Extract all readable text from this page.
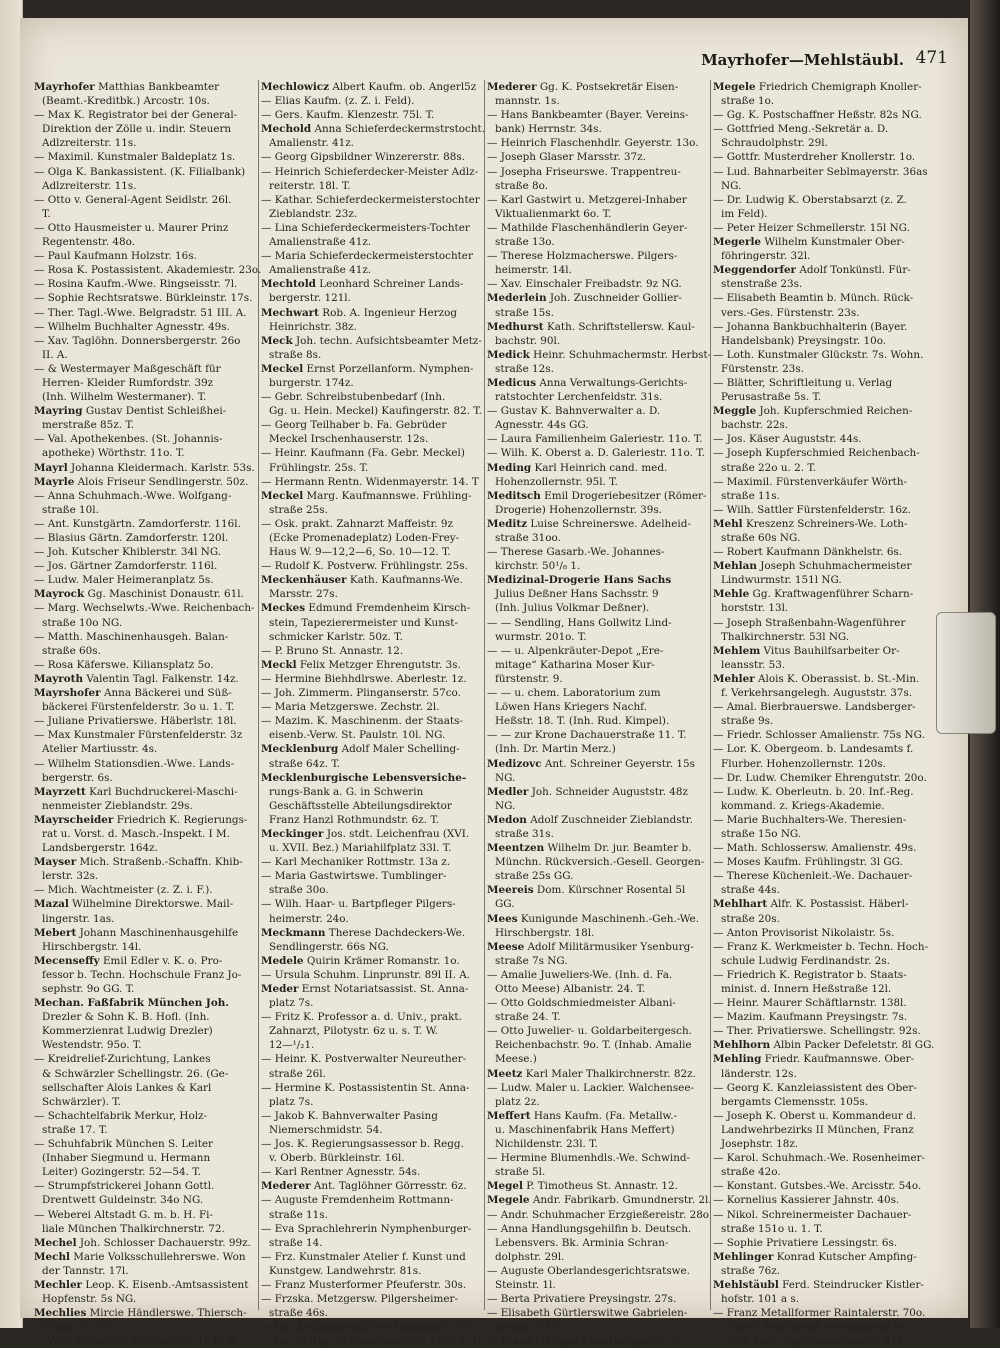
Mayrhofer—Mehlstäubl. 471
Mayrhofer Matthias Bankbeamter
(Beamt.-Kreditbk.) Arcostr. 10s.
— Max K. Registrator bei der General-
Direktion der Zölle u. indir. Steuern
Adlzreiterstr. 11s.
— Maximil. Kunstmaler Baldeplatz 1s.
— Olga K. Bankassistent. (K. Filialbank)
Adlzreiterstr. 11s.
— Otto v. General-Agent Seidlstr. 26l.
T.
— Otto Hausmeister u. Maurer Prinz
Regentenstr. 48o.
— Paul Kaufmann Holzstr. 16s.
— Rosa K. Postassistent. Akademiestr. 23o.
— Rosina Kaufm.-Wwe. Ringseisstr. 7l.
— Sophie Rechtsratswe. Bürkleinstr. 17s.
— Ther. Tagl.-Wwe. Belgradstr. 51 III. A.
— Wilhelm Buchhalter Agnesstr. 49s.
— Xav. Taglöhn. Donnersbergerstr. 26o
II. A.
— & Westermayer Maßgeschäft für
Herren- Kleider Rumfordstr. 39z
(Inh. Wilhelm Westermaner). T.
Mayring Gustav Dentist Schleißhei-
merstraße 85z. T.
— Val. Apothekenbes. (St. Johannis-
apotheke) Wörthstr. 11o. T.
Mayrl Johanna Kleidermach. Karlstr. 53s.
Mayrle Alois Friseur Sendlingerstr. 50z.
— Anna Schuhmach.-Wwe. Wolfgang-
straße 10l.
— Ant. Kunstgärtn. Zamdorferstr. 116l.
— Blasius Gärtn. Zamdorferstr. 120l.
— Joh. Kutscher Khiblerstr. 34l NG.
— Jos. Gärtner Zamdorferstr. 116l.
— Ludw. Maler Heimeranplatz 5s.
Mayrock Gg. Maschinist Donaustr. 61l.
— Marg. Wechselwts.-Wwe. Reichenbach-
straße 10o NG.
— Matth. Maschinenhausgeh. Balan-
straße 60s.
— Rosa Käferswe. Kiliansplatz 5o.
Mayroth Valentin Tagl. Falkenstr. 14z.
Mayrshofer Anna Bäckerei und Süß-
bäckerei Fürstenfelderstr. 3o u. 1. T.
— Juliane Privatierswe. Häberlstr. 18l.
— Max Kunstmaler Fürstenfelderstr. 3z
Atelier Martiusstr. 4s.
— Wilhelm Stationsdien.-Wwe. Lands-
bergerstr. 6s.
Mayrzett Karl Buchdruckerei-Maschi-
nenmeister Zieblandstr. 29s.
Mayrscheider Friedrich K. Regierungs-
rat u. Vorst. d. Masch.-Inspekt. I M.
Landsbergerstr. 164z.
Mayser Mich. Straßenb.-Schaffn. Khib-
lerstr. 32s.
— Mich. Wachtmeister (z. Z. i. F.).
Mazal Wilhelmine Direktorswe. Mail-
lingerstr. 1as.
Mebert Johann Maschinenhausgehilfe
Hirschbergstr. 14l.
Mecenseffy Emil Edler v. K. o. Pro-
fessor b. Techn. Hochschule Franz Jo-
sephstr. 9o GG. T.
Mechan. Faßfabrik München Joh.
Drezler & Sohn K. B. Hofl. (Inh.
Kommerzienrat Ludwig Drezler)
Westendstr. 95o. T.
— Kreidrelief-Zurichtung, Lankes
& Schwärzler Schellingstr. 26. (Ge-
sellschafter Alois Lankes & Karl
Schwärzler). T.
— Schachtelfabrik Merkur, Holz-
straße 17. T.
— Schuhfabrik München S. Leiter
(Inhaber Siegmund u. Hermann
Leiter) Gozingerstr. 52—54. T.
— Strumpfstrickerei Johann Gottl.
Drentwett Guldeinstr. 34o NG.
— Weberei Altstadt G. m. b. H. Fi-
liale München Thalkirchnerstr. 72.
Mechel Joh. Schlosser Dachauerstr. 99z.
Mechl Marie Volksschullehrerswe. Won
der Tannstr. 17l.
Mechler Leop. K. Eisenb.-Amtsassistent
Hopfenstr. 5s NG.
Mechlies Mircie Händlerswe. Thiersch-
straße 1s NG.
— Wolf Schneider Thierschstr. 1z II. A.
Mechlowicz Albert Kaufm. ob. Angerl5z
— Elias Kaufm. (z. Z. i. Feld).
— Gers. Kaufm. Klenzestr. 75l. T.
Mechold Anna Schieferdeckermstrstocht.
Amalienstr. 41z.
— Georg Gipsbildner Winzererstr. 88s.
— Heinrich Schieferdecker-Meister Adlz-
reiterstr. 18l. T.
— Kathar. Schieferdeckermeisterstochter
Zieblandstr. 23z.
— Lina Schieferdeckermeisters-Tochter
Amalienstraße 41z.
— Maria Schieferdeckermeisterstochter
Amalienstraße 41z.
Mechtold Leonhard Schreiner Lands-
bergerstr. 121l.
Mechwart Rob. A. Ingenieur Herzog
Heinrichstr. 38z.
Meck Joh. techn. Aufsichtsbeamter Metz-
straße 8s.
Meckel Ernst Porzellanform. Nymphen-
burgerstr. 174z.
— Gebr. Schreibstubenbedarf (Inh.
Gg. u. Hein. Meckel) Kaufingerstr. 82. T.
— Georg Teilhaber b. Fa. Gebrüder
Meckel Irschenhauserstr. 12s.
— Heinr. Kaufmann (Fa. Gebr. Meckel)
Frühlingstr. 25s. T.
— Hermann Rentn. Widenmayerstr. 14. T
Meckel Marg. Kaufmannswe. Frühling-
straße 25s.
— Osk. prakt. Zahnarzt Maffeistr. 9z
(Ecke Promenadeplatz) Loden-Frey-
Haus W. 9—12,2—6, So. 10—12. T.
— Rudolf K. Postverw. Frühlingstr. 25s.
Meckenhäuser Kath. Kaufmanns-We.
Marsstr. 27s.
Meckes Edmund Fremdenheim Kirsch-
stein, Tapezierermeister und Kunst-
schmicker Karlstr. 50z. T.
— P. Bruno St. Annastr. 12.
Meckl Felix Metzger Ehrengutstr. 3s.
— Hermine Biehhdlrswe. Aberlestr. 1z.
— Joh. Zimmerm. Plinganserstr. 57co.
— Maria Metzgerswe. Zechstr. 2l.
— Mazim. K. Maschinenm. der Staats-
eisenb.-Verw. St. Paulstr. 10l. NG.
Mecklenburg Adolf Maler Schelling-
straße 64z. T.
Mecklenburgische Lebensversiche-
rungs-Bank a. G. in Schwerin
Geschäftsstelle Abteilungsdirektor
Franz Hanzl Rothmundstr. 6z. T.
Meckinger Jos. stdt. Leichenfrau (XVI.
u. XVII. Bez.) Mariahilfplatz 33l. T.
— Karl Mechaniker Rottmstr. 13a z.
— Maria Gastwirtswe. Tumblinger-
straße 30o.
— Wilh. Haar- u. Bartpfleger Pilgers-
heimerstr. 24o.
Meckmann Therese Dachdeckers-We.
Sendlingerstr. 66s NG.
Medele Quirin Krämer Romanstr. 1o.
— Ursula Schuhm. Linprunstr. 89l II. A.
Meder Ernst Notariatsassist. St. Anna-
platz 7s.
— Fritz K. Professor a. d. Univ., prakt.
Zahnarzt, Pilotystr. 6z u. s. T. W.
12—¹/₂1.
— Heinr. K. Postverwalter Neureuther-
straße 26l.
— Hermine K. Postassistentin St. Anna-
platz 7s.
— Jakob K. Bahnverwalter Pasing
Niemerschmidstr. 54.
— Jos. K. Regierungsassessor b. Regg.
v. Oberb. Bürkleinstr. 16l.
— Karl Rentner Agnesstr. 54s.
Mederer Ant. Taglöhner Görresstr. 6z.
— Auguste Fremdenheim Rottmann-
straße 11s.
— Eva Sprachlehrerin Nymphenburger-
straße 14.
— Frz. Kunstmaler Atelier f. Kunst und
Kunstgew. Landwehrstr. 81s.
— Franz Musterformer Pfeuferstr. 30s.
— Frzska. Metzgersw. Pilgersheimer-
straße 46s.
— Gg. Kraftwagenführer Lessingstr. 11o.
— Gg. Metzg. Schwanthalerstr. 139o u. 1.
Mederer Gg. K. Postsekretär Eisen-
mannstr. 1s.
— Hans Bankbeamter (Bayer. Vereins-
bank) Herrnstr. 34s.
— Heinrich Flaschenhdlr. Geyerstr. 13o.
— Joseph Glaser Marsstr. 37z.
— Josepha Friseurswe. Trappentreu-
straße 8o.
— Karl Gastwirt u. Metzgerei-Inhaber
Viktualienmarkt 6o. T.
— Mathilde Flaschenhändlerin Geyer-
straße 13o.
— Therese Holzmacherswe. Pilgers-
heimerstr. 14l.
— Xav. Einschaler Freibadstr. 9z NG.
Mederlein Joh. Zuschneider Gollier-
straße 15s.
Medhurst Kath. Schriftstellersw. Kaul-
bachstr. 90l.
Medick Heinr. Schuhmachermstr. Herbst-
straße 12s.
Medicus Anna Verwaltungs-Gerichts-
ratstochter Lerchenfeldstr. 31s.
— Gustav K. Bahnverwalter a. D.
Agnesstr. 44s GG.
— Laura Familienheim Galeriestr. 11o. T.
— Wilh. K. Oberst a. D. Galeriestr. 11o. T.
Meding Karl Heinrich cand. med.
Hohenzollernstr. 95l. T.
Meditsch Emil Drogeriebesitzer (Römer-
Drogerie) Hohenzollernstr. 39s.
Meditz Luise Schreinerswe. Adelheid-
straße 31oo.
— Therese Gasarb.-We. Johannes-
kirchstr. 50¹/₈ 1.
Medizinal-Drogerie Hans Sachs
Julius Deßner Hans Sachsstr. 9
(Inh. Julius Volkmar Deßner).
— — Sendling, Hans Gollwitz Lind-
wurmstr. 201o. T.
— — u. Alpenkräuter-Depot „Ere-
mitage“ Katharina Moser Kur-
fürstenstr. 9.
— — u. chem. Laboratorium zum
Löwen Hans Kriegers Nachf.
Heßstr. 18. T. (Inh. Rud. Kimpel).
— — zur Krone Dachauerstraße 11. T.
(Inh. Dr. Martin Merz.)
Medizovc Ant. Schreiner Geyerstr. 15s
NG.
Medler Joh. Schneider Auguststr. 48z
NG.
Medon Adolf Zuschneider Zieblandstr.
straße 31s.
Meentzen Wilhelm Dr. jur. Beamter b.
Münchn. Rückversich.-Gesell. Georgen-
straße 25s GG.
Meereis Dom. Kürschner Rosental 5l
GG.
Mees Kunigunde Maschinenh.-Geh.-We.
Hirschbergstr. 18l.
Meese Adolf Militärmusiker Ysenburg-
straße 7s NG.
— Amalie Juweliers-We. (Inh. d. Fa.
Otto Meese) Albanistr. 24. T.
— Otto Goldschmiedmeister Albani-
straße 24. T.
— Otto Juwelier- u. Goldarbeitergesch.
Reichenbachstr. 9o. T. (Inhab. Amalie
Meese.)
Meetz Karl Maler Thalkirchnerstr. 82z.
— Ludw. Maler u. Lackier. Walchensee-
platz 2z.
Meffert Hans Kaufm. (Fa. Metallw.-
u. Maschinenfabrik Hans Meffert)
Nichildenstr. 23l. T.
— Hermine Blumenhdls.-We. Schwind-
straße 5l.
Megel P. Timotheus St. Annastr. 12.
Megele Andr. Fabrikarb. Gmundnerstr. 2l.
— Andr. Schuhmacher Erzgießereistr. 28o.
— Anna Handlungsgehilfin b. Deutsch.
Lebensvers. Bk. Arminia Schran-
dolphstr. 29l.
— Auguste Oberlandesgerichtsratswe.
Steinstr. 1l.
— Berta Privatiere Preysingstr. 27s.
— Elisabeth Gürtlerswitwe Gabrielen-
straße 2l NG.
— Franz Metzger Landsbergerstr. 3s.
Megele Friedrich Chemigraph Knoller-
straße 1o.
— Gg. K. Postschaffner Heßstr. 82s NG.
— Gottfried Meng.-Sekretär a. D.
Schraudolphstr. 29l.
— Gottfr. Musterdreher Knollerstr. 1o.
— Lud. Bahnarbeiter Seblmayerstr. 36as
NG.
— Dr. Ludwig K. Oberstabsarzt (z. Z.
im Feld).
— Peter Heizer Schmellerstr. 15l NG.
Megerle Wilhelm Kunstmaler Ober-
föhringerstr. 32l.
Meggendorfer Adolf Tonkünstl. Für-
stenstraße 23s.
— Elisabeth Beamtin b. Münch. Rück-
vers.-Ges. Fürstenstr. 23s.
— Johanna Bankbuchhalterin (Bayer.
Handelsbank) Preysingstr. 10o.
— Loth. Kunstmaler Glückstr. 7s. Wohn.
Fürstenstr. 23s.
— Blätter, Schriftleitung u. Verlag
Perusastraße 5s. T.
Meggle Joh. Kupferschmied Reichen-
bachstr. 22s.
— Jos. Käser Auguststr. 44s.
— Joseph Kupferschmied Reichenbach-
straße 22o u. 2. T.
— Maximil. Fürstenverkäufer Wörth-
straße 11s.
— Wilh. Sattler Fürstenfelderstr. 16z.
Mehl Kreszenz Schreiners-We. Loth-
straße 60s NG.
— Robert Kaufmann Dänkhelstr. 6s.
Mehlan Joseph Schuhmachermeister
Lindwurmstr. 151l NG.
Mehle Gg. Kraftwagenführer Scharn-
horststr. 13l.
— Joseph Straßenbahn-Wagenführer
Thalkirchnerstr. 53l NG.
Mehlem Vitus Bauhilfsarbeiter Or-
leansstr. 53.
Mehler Alois K. Oberassist. b. St.-Min.
f. Verkehrsangelegh. Auguststr. 37s.
— Amal. Bierbrauerswe. Landsberger-
straße 9s.
— Friedr. Schlosser Amalienstr. 75s NG.
— Lor. K. Obergeom. b. Landesamts f.
Flurber. Hohenzollernstr. 120s.
— Dr. Ludw. Chemiker Ehrengutstr. 20o.
— Ludw. K. Oberleutn. b. 20. Inf.-Reg.
kommand. z. Kriegs-Akademie.
— Marie Buchhalters-We. Theresien-
straße 15o NG.
— Math. Schlossersw. Amalienstr. 49s.
— Moses Kaufm. Frühlingstr. 3l GG.
— Therese Küchenleit.-We. Dachauer-
straße 44s.
Mehlhart Alfr. K. Postassist. Häberl-
straße 20s.
— Anton Provisorist Nikolaistr. 5s.
— Franz K. Werkmeister b. Techn. Hoch-
schule Ludwig Ferdinandstr. 2s.
— Friedrich K. Registrator b. Staats-
minist. d. Innern Heßstraße 12l.
— Heinr. Maurer Schäftlarnstr. 138l.
— Mazim. Kaufmann Preysingstr. 7s.
— Ther. Privatierswe. Schellingstr. 92s.
Mehlhorn Albin Packer Defeletstr. 8l GG.
Mehling Friedr. Kaufmannswe. Ober-
länderstr. 12s.
— Georg K. Kanzleiassistent des Ober-
bergamts Clemensstr. 105s.
— Joseph K. Oberst u. Kommandeur d.
Landwehrbezirks II München, Franz
Josephstr. 18z.
— Karol. Schuhmach.-We. Rosenheimer-
straße 42o.
— Konstant. Gutsbes.-We. Arcisstr. 54o.
— Kornelius Kassierer Jahnstr. 40s.
— Nikol. Schreinermeister Dachauer-
straße 151o u. 1. T.
— Sophie Privatiere Lessingstr. 6s.
Mehlinger Konrad Kutscher Ampfing-
straße 76z.
Mehlstäubl Ferd. Steindrucker Kistler-
hofstr. 101 a s.
— Franz Metallformer Raintalerstr. 70o.
— Heinr. Maschinist Perlacherstr. 6s.
— Otto Tagl. Tegernseerlandstr. 91s.
